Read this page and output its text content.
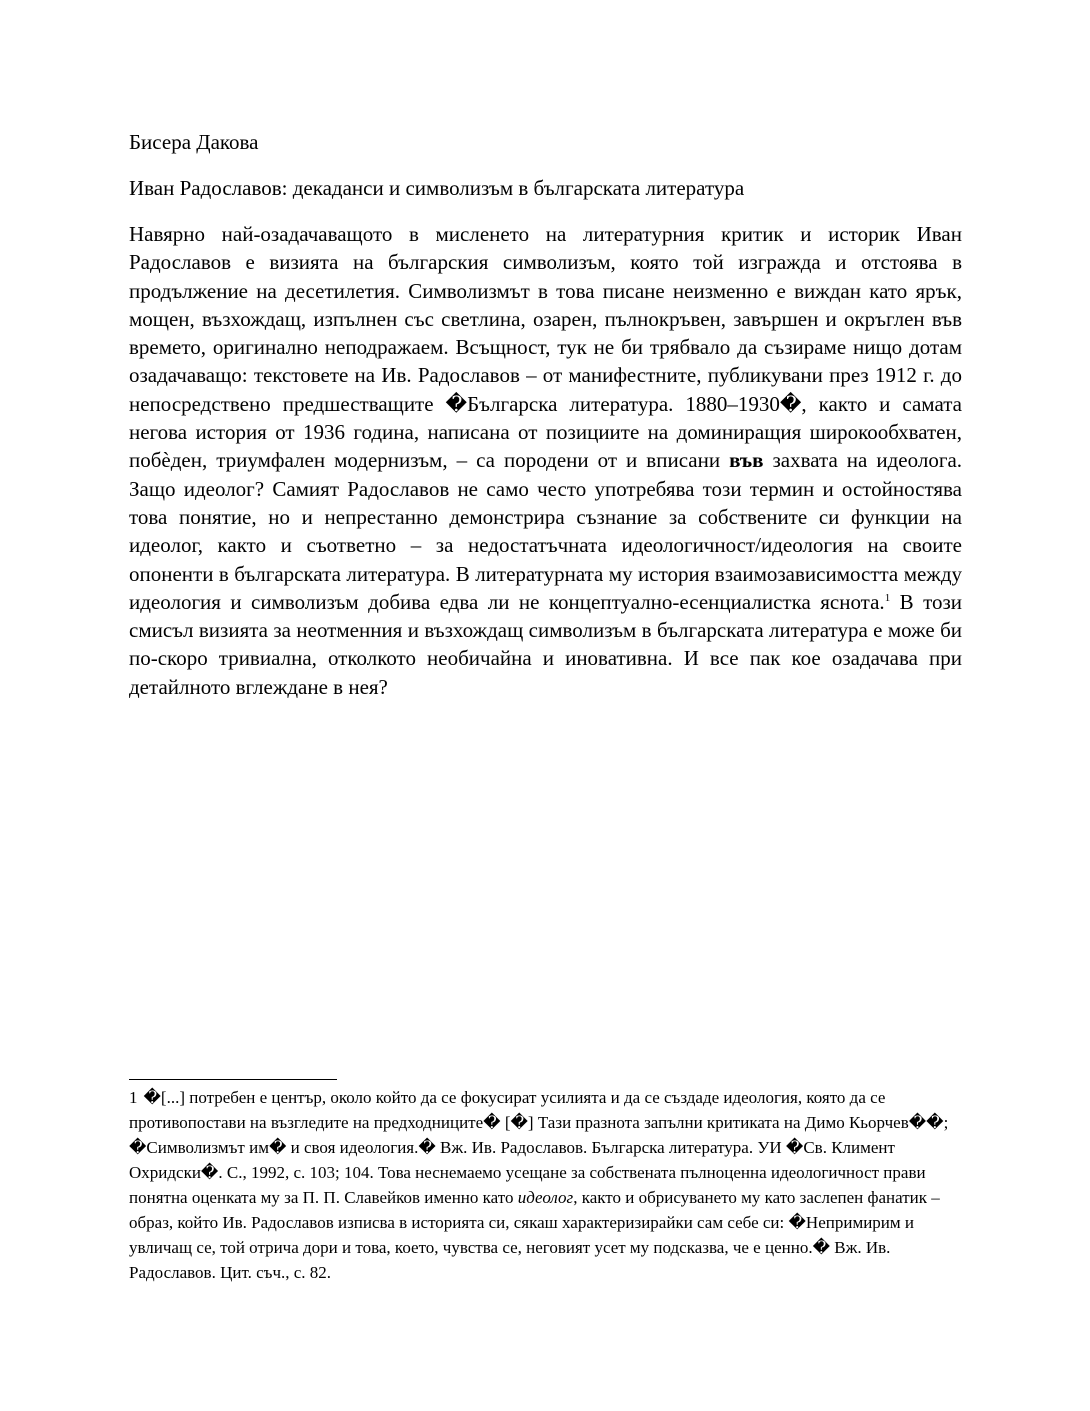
Бисера Дакова

Иван Радославов: декаданси и символизъм в българската литература

Навярно най-озадачаващото в мисленето на литературния критик и историк Иван Радославов е визията на българския символизъм, която той изгражда и отстоява в продължение на десетилетия. Символизмът в това писане неизменно е виждан като ярък, мощен, възхождащ, изпълнен със светлина, озарен, пълнокръвен, завършен и окръглен във времето, оригинално неподражаем. Всъщност, тук не би трябвало да съзираме нищо дотам озадачаващо: текстовете на Ив. Радославов – от манифестните, публикувани през 1912 г. до непосредствено предшестващите �Българска литература. 1880–1930�, както и самата негова история от 1936 година, написана от позициите на доминиращия широкообхватен, побѐден, триумфален модернизъм, – са породени от и вписани във захвата на идеолога. Защо идеолог? Самият Радославов не само често употребява този термин и остойностява това понятие, но и непрестанно демонстрира съзнание за собствените си функции на идеолог, както и съответно – за недостатъчната идеологичност/идеология на своите опоненти в българската литература. В литературната му история взаимозависимостта между идеология и символизъм добива едва ли не концептуално-есенциалистка яснота.$^1$ В този смисъл визията за неотменния и възхождащ символизъм в българската литература е може би по-скоро тривиална, отколкото необичайна и иновативна. И все пак кое озадачава при детайлното вглеждане в нея?

1 �[...] потребен е център, около който да се фокусират усилията и да се създаде идеология, която да се противопостави на възгледите на предходниците� [�] Тази празнота запълни критиката на Димо Кьорчев��; �Символизмът им� и своя идеология.� Вж. Ив. Радославов. Българска литература. УИ �Св. Климент Охридски�. С., 1992, с. 103; 104. Това неснемаемо усещане за собствената пълноценна идеологичност прави понятна оценката му за П. П. Славейков именно като идеолог, както и обрисуването му като заслепен фанатик – образ, който Ив. Радославов изписва в историята си, сякаш характеризирайки сам себе си: �Непримирим и увличащ се, той отрича дори и това, което, чувства се, неговият усет му подсказва, че е ценно.� Вж. Ив. Радославов. Цит. съч., с. 82.
